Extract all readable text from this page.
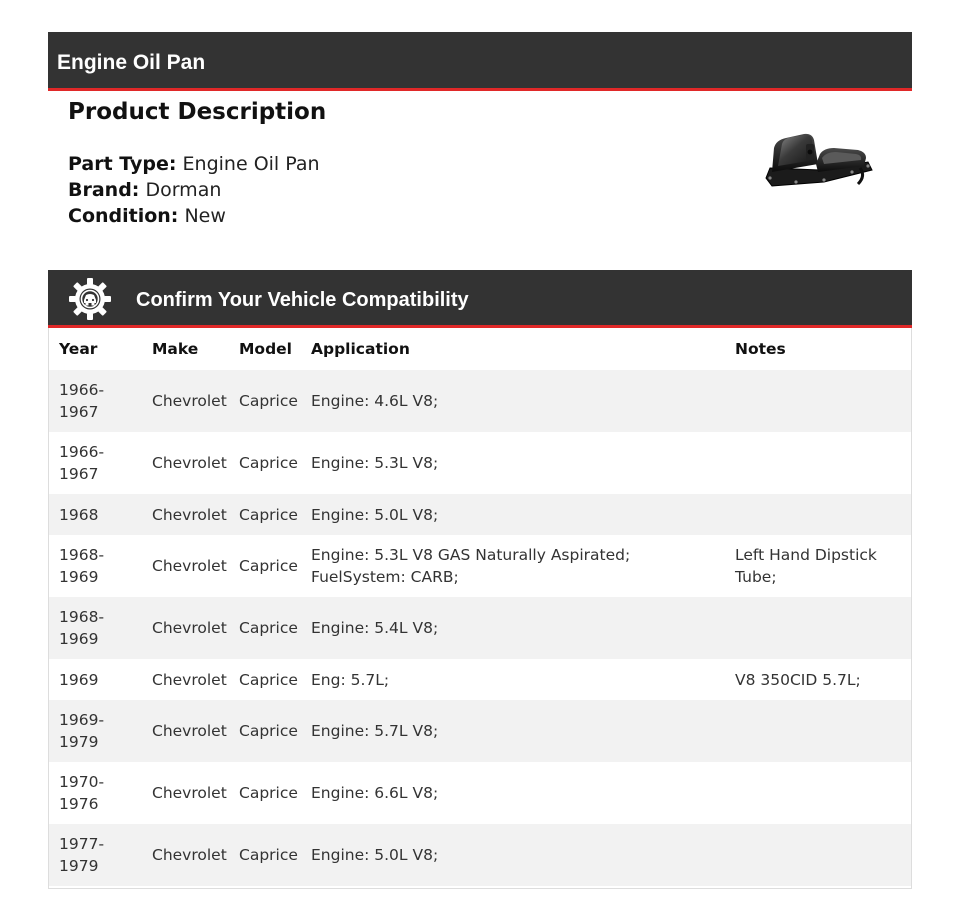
Engine Oil Pan
Product Description
Part Type: Engine Oil Pan
Brand: Dorman
Condition: New
Confirm Your Vehicle Compatibility
Year	Make	Model	Application	Notes
1966-
1967	Chevrolet	Caprice	Engine: 4.6L V8;	
1966-
1967	Chevrolet	Caprice	Engine: 5.3L V8;	
1968	Chevrolet	Caprice	Engine: 5.0L V8;	
1968-
1969	Chevrolet	Caprice	Engine: 5.3L V8 GAS Naturally Aspirated; FuelSystem: CARB;	Left Hand Dipstick Tube;
1968-
1969	Chevrolet	Caprice	Engine: 5.4L V8;	
1969	Chevrolet	Caprice	Eng: 5.7L;	V8 350CID 5.7L;
1969-
1979	Chevrolet	Caprice	Engine: 5.7L V8;	
1970-
1976	Chevrolet	Caprice	Engine: 6.6L V8;	
1977-
1979	Chevrolet	Caprice	Engine: 5.0L V8;	
